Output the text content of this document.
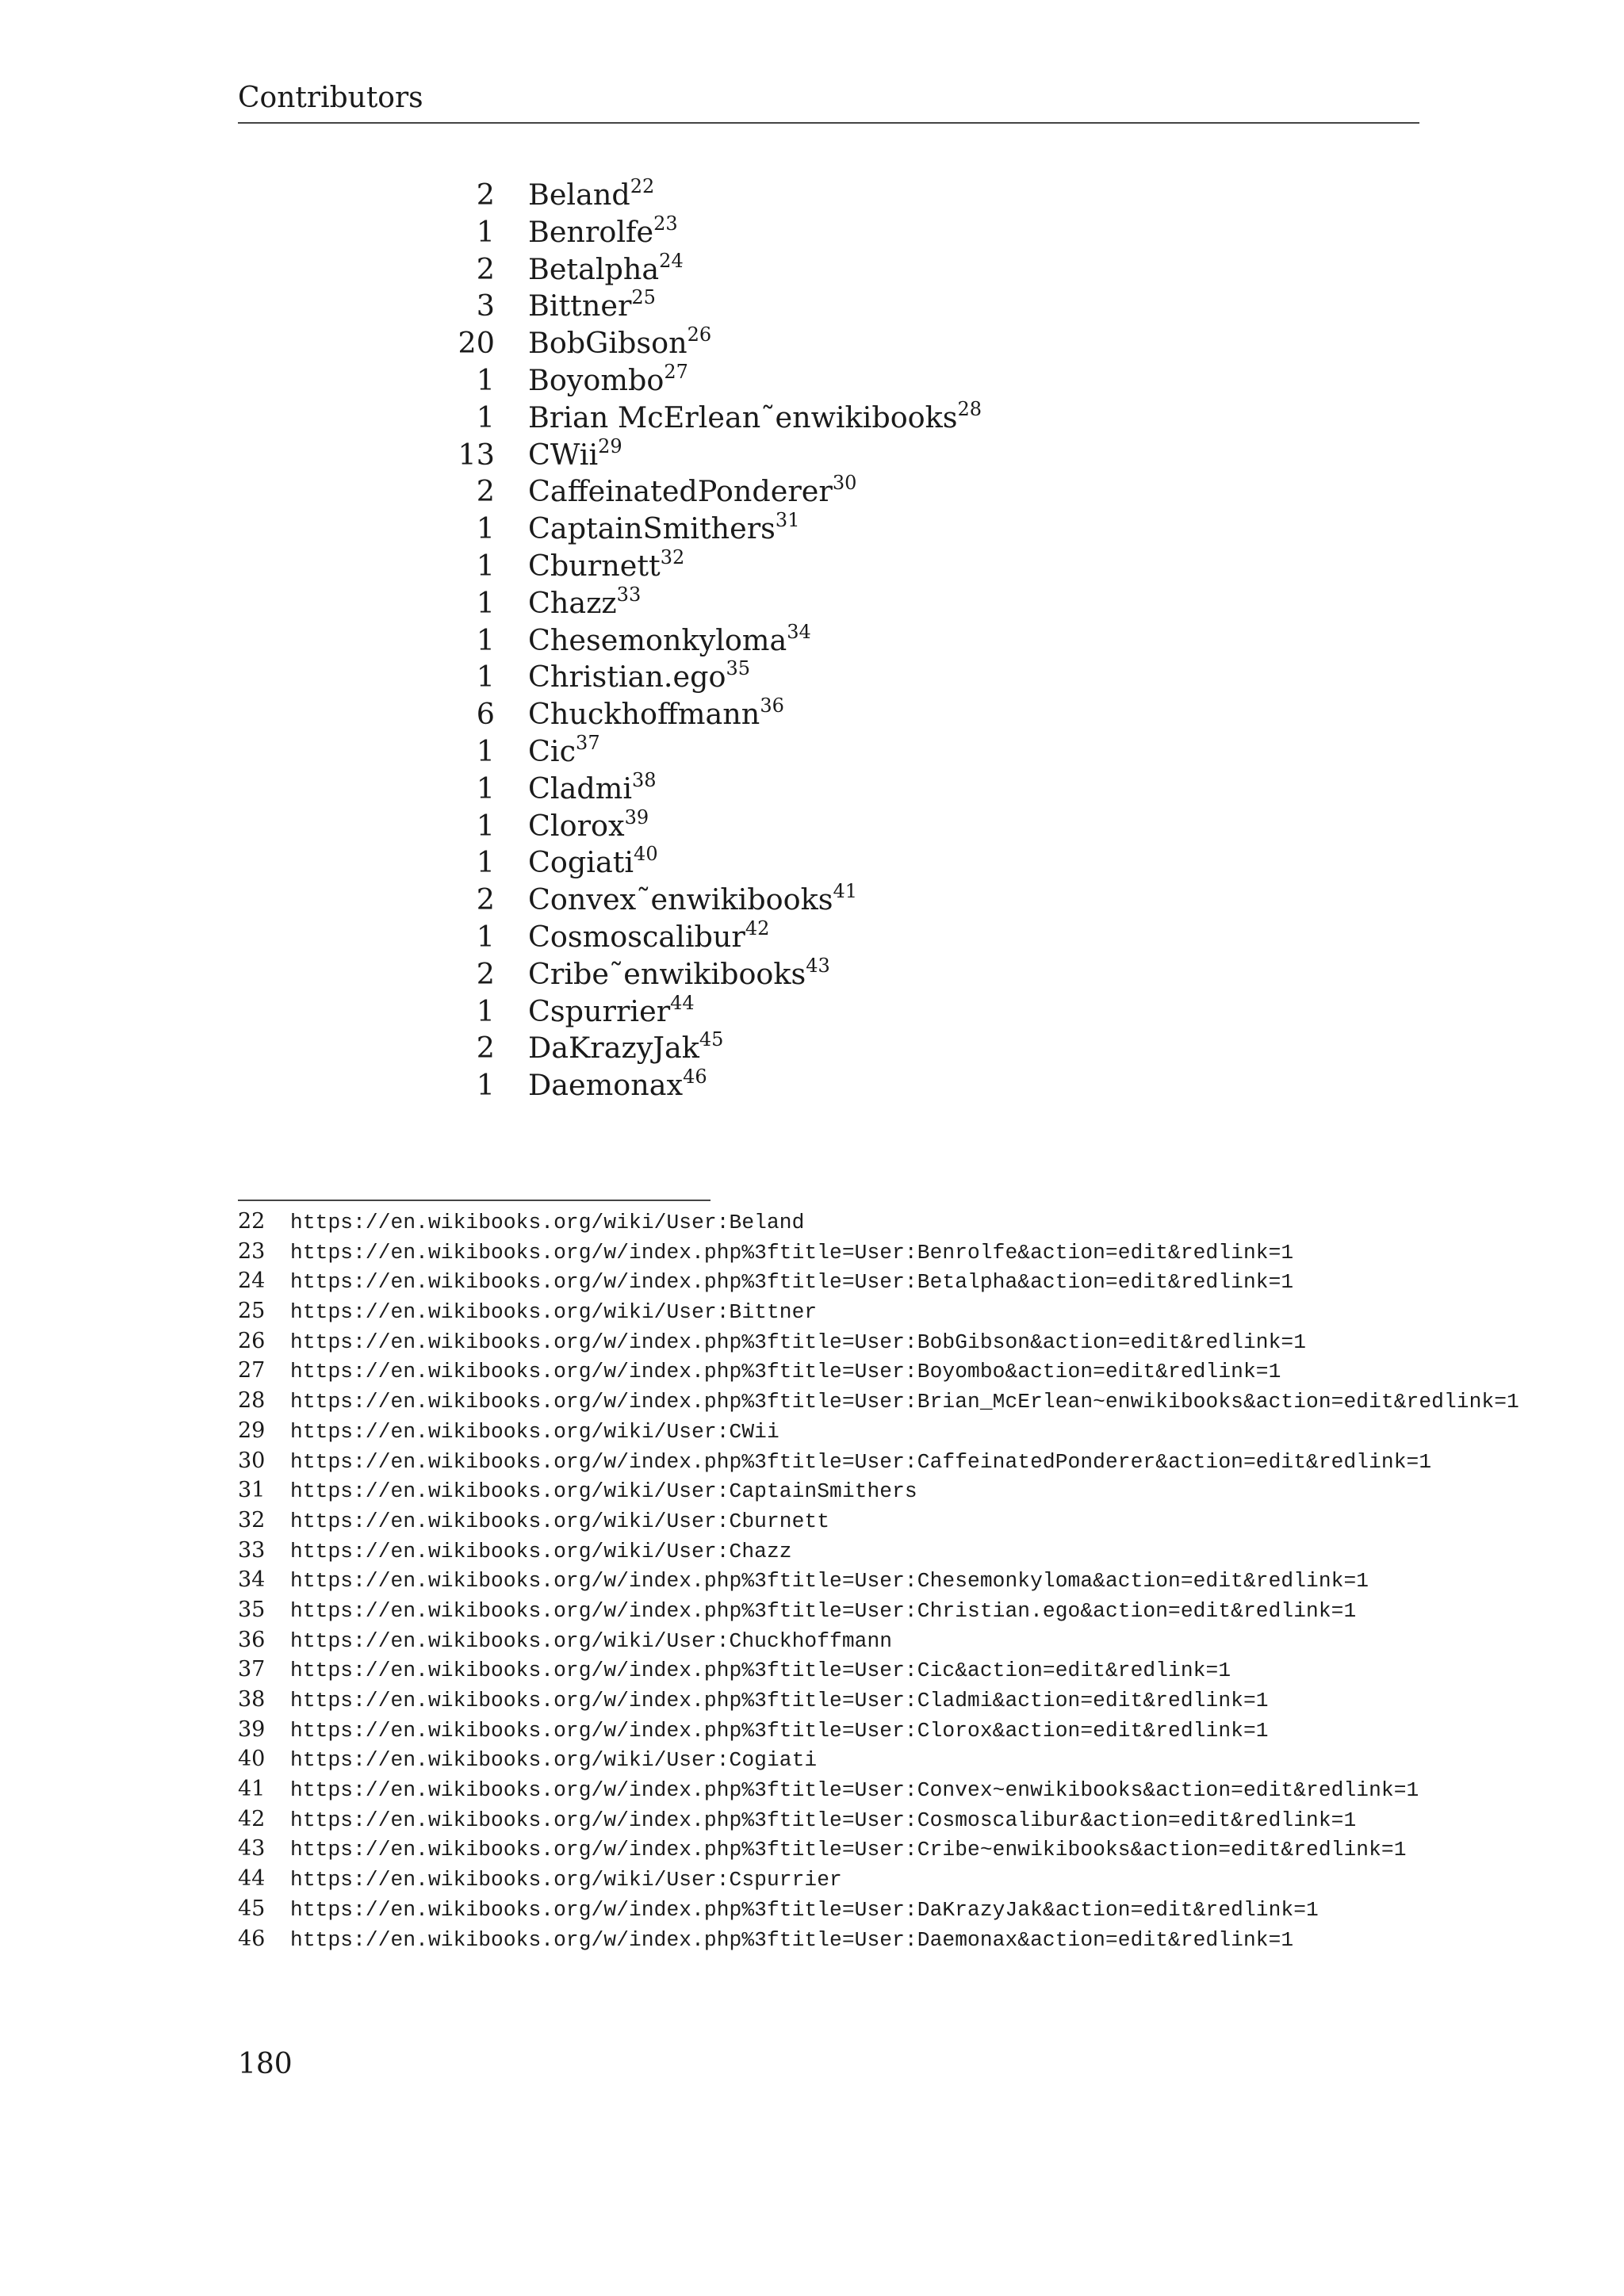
Contributors
2 Beland$^{22}$
1 Benrolfe$^{23}$
2 Betalpha$^{24}$
3 Bittner$^{25}$
20 BobGibson$^{26}$
1 Boyombo$^{27}$
1 Brian McErlean˜enwikibooks$^{28}$
13 CWii$^{29}$
2 CaffeinatedPonderer$^{30}$
1 CaptainSmithers$^{31}$
1 Cburnett$^{32}$
1 Chazz$^{33}$
1 Chesemonkyloma$^{34}$
1 Christian.ego$^{35}$
6 Chuckhoffmann$^{36}$
1 Cic$^{37}$
1 Cladmi$^{38}$
1 Clorox$^{39}$
1 Cogiati$^{40}$
2 Convex˜enwikibooks$^{41}$
1 Cosmoscalibur$^{42}$
2 Cribe˜enwikibooks$^{43}$
1 Cspurrier$^{44}$
2 DaKrazyJak$^{45}$
1 Daemonax$^{46}$
22	https://en.wikibooks.org/wiki/User:Beland
23	https://en.wikibooks.org/w/index.php%3ftitle=User:Benrolfe&action=edit&redlink=1
24	https://en.wikibooks.org/w/index.php%3ftitle=User:Betalpha&action=edit&redlink=1
25	https://en.wikibooks.org/wiki/User:Bittner
26	https://en.wikibooks.org/w/index.php%3ftitle=User:BobGibson&action=edit&redlink=1
27	https://en.wikibooks.org/w/index.php%3ftitle=User:Boyombo&action=edit&redlink=1
28	https://en.wikibooks.org/w/index.php%3ftitle=User:Brian_McErlean~enwikibooks&action=edit&redlink=1
29	https://en.wikibooks.org/wiki/User:CWii
30	https://en.wikibooks.org/w/index.php%3ftitle=User:CaffeinatedPonderer&action=edit&redlink=1
31	https://en.wikibooks.org/wiki/User:CaptainSmithers
32	https://en.wikibooks.org/wiki/User:Cburnett
33	https://en.wikibooks.org/wiki/User:Chazz
34	https://en.wikibooks.org/w/index.php%3ftitle=User:Chesemonkyloma&action=edit&redlink=1
35	https://en.wikibooks.org/w/index.php%3ftitle=User:Christian.ego&action=edit&redlink=1
36	https://en.wikibooks.org/wiki/User:Chuckhoffmann
37	https://en.wikibooks.org/w/index.php%3ftitle=User:Cic&action=edit&redlink=1
38	https://en.wikibooks.org/w/index.php%3ftitle=User:Cladmi&action=edit&redlink=1
39	https://en.wikibooks.org/w/index.php%3ftitle=User:Clorox&action=edit&redlink=1
40	https://en.wikibooks.org/wiki/User:Cogiati
41	https://en.wikibooks.org/w/index.php%3ftitle=User:Convex~enwikibooks&action=edit&redlink=1
42	https://en.wikibooks.org/w/index.php%3ftitle=User:Cosmoscalibur&action=edit&redlink=1
43	https://en.wikibooks.org/w/index.php%3ftitle=User:Cribe~enwikibooks&action=edit&redlink=1
44	https://en.wikibooks.org/wiki/User:Cspurrier
45	https://en.wikibooks.org/w/index.php%3ftitle=User:DaKrazyJak&action=edit&redlink=1
46	https://en.wikibooks.org/w/index.php%3ftitle=User:Daemonax&action=edit&redlink=1
180
